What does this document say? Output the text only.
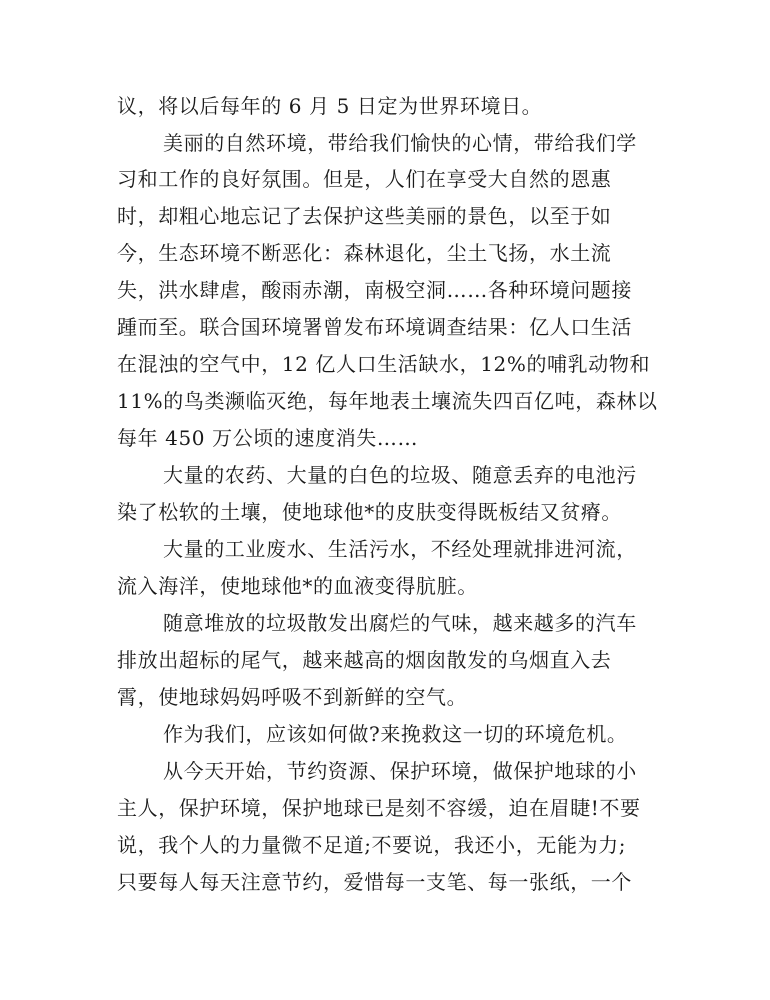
议，将以后每年的 6 月 5 日定为世界环境日。
美丽的自然环境，带给我们愉快的心情，带给我们学
习和工作的良好氛围。但是，人们在享受大自然的恩惠
时，却粗心地忘记了去保护这些美丽的景色，以至于如
今，生态环境不断恶化：森林退化，尘土飞扬，水土流
失，洪水肆虐，酸雨赤潮，南极空洞……各种环境问题接
踵而至。联合国环境署曾发布环境调查结果：亿人口生活
在混浊的空气中，12 亿人口生活缺水，12%的哺乳动物和
11%的鸟类濒临灭绝，每年地表土壤流失四百亿吨，森林以
每年 450 万公顷的速度消失……
大量的农药、大量的白色的垃圾、随意丢弃的电池污
染了松软的土壤，使地球他*的皮肤变得既板结又贫瘠。
大量的工业废水、生活污水，不经处理就排进河流，
流入海洋，使地球他*的血液变得肮脏。
随意堆放的垃圾散发出腐烂的气味，越来越多的汽车
排放出超标的尾气，越来越高的烟囱散发的乌烟直入去
霄，使地球妈妈呼吸不到新鲜的空气。
作为我们，应该如何做?来挽救这一切的环境危机。
从今天开始，节约资源、保护环境，做保护地球的小
主人，保护环境，保护地球已是刻不容缓，迫在眉睫!不要
说，我个人的力量微不足道;不要说，我还小，无能为力;
只要每人每天注意节约，爱惜每一支笔、每一张纸，一个
